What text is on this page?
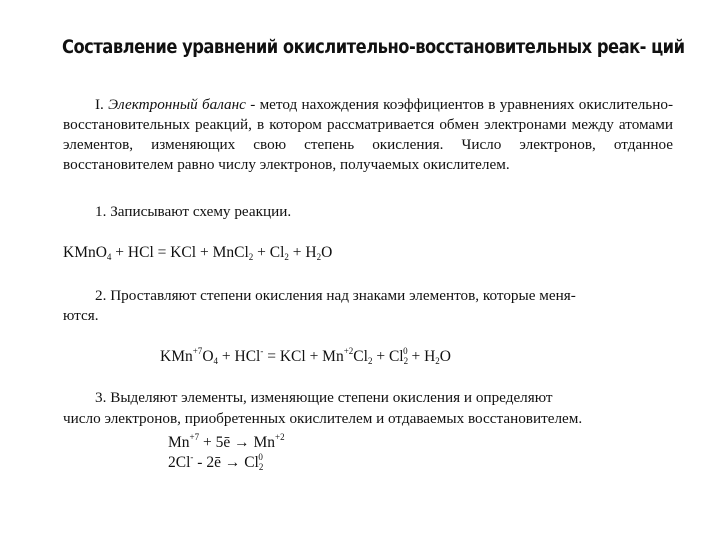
Составление уравнений окислительно-восстановительных реак- ций
I. Электронный баланс - метод нахождения коэффициентов в уравнениях окислительно-восстановительных реакций, в котором рассматривается обмен электронами между атомами элементов, изменяющих свою степень окисления. Число электронов, отданное восстановителем равно числу электронов, получаемых окислителем.
1. Записывают схему реакции.
KMnO$_4$ + HCl = KCl + MnCl$_2$ + $Cl_2 + H_2O$
2. Проставляют степени окисления над знаками элементов, которые меня-
ются.
$KMn^{+7}O_4 + HCl^-$ = KCl + $Mn^{+2}Cl_2 + Cl_2^0 + H_2O$
3. Выделяют элементы, изменяющие степени окисления и определяют
число электронов, приобретенных окислителем и отдаваемых восстановителем.
$Mn^{+7}$ + 5ē → $Mn^{+2}$
2Cl- - 2ē → $Cl_2^0$
